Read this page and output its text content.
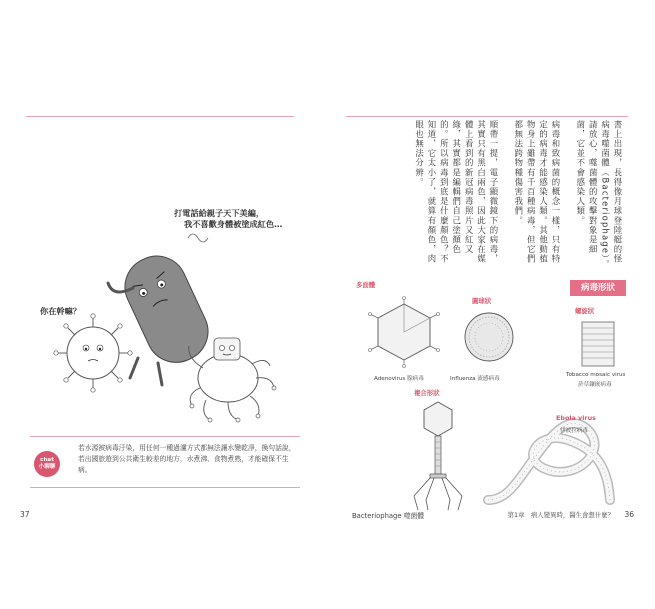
打電話給親子天下美編，
我不喜歡身體被塗成紅色…
你在幹嘛？
chat
小聊聊
若水源被病毒汙染，用任何一種過濾方式都無法讓水變乾淨，換句話說，若出國旅遊到公共衛生較差的地方，水煮沸、食物煮熟，才能確保不生病。
37

書上出現，長得像月球登陸艇的怪病毒噬菌體（Bacteriophage）。請放心，噬菌體的攻擊對象是細菌，它並不會感染人類。

病毒和致病菌的概念一樣，只有特定的病毒才能感染人類。其他動植物身上雖帶有千百種病毒，但它們都無法跨物種傷害我們。

順帶一提，電子顯微鏡下的病毒，其實只有黑白兩色，因此大家在媒體上看到的新冠病毒照片又紅又綠，其實都是編輯們自己塗顏色的。所以病毒到底是什麼顏色？不知道，它太小了，就算有顏色，肉眼也無法分辨。

病毒形狀
多面體
圓球狀
螺旋狀
複合形狀
Adenovirus 腺病毒	Influenza 流感病毒
Tobacco mosaic virus
菸草鑲嵌病毒
Ebola virus
伊波拉病毒
Bacteriophage 噬菌體	第1章　病人變異時，醫生會想什麼？ 36
